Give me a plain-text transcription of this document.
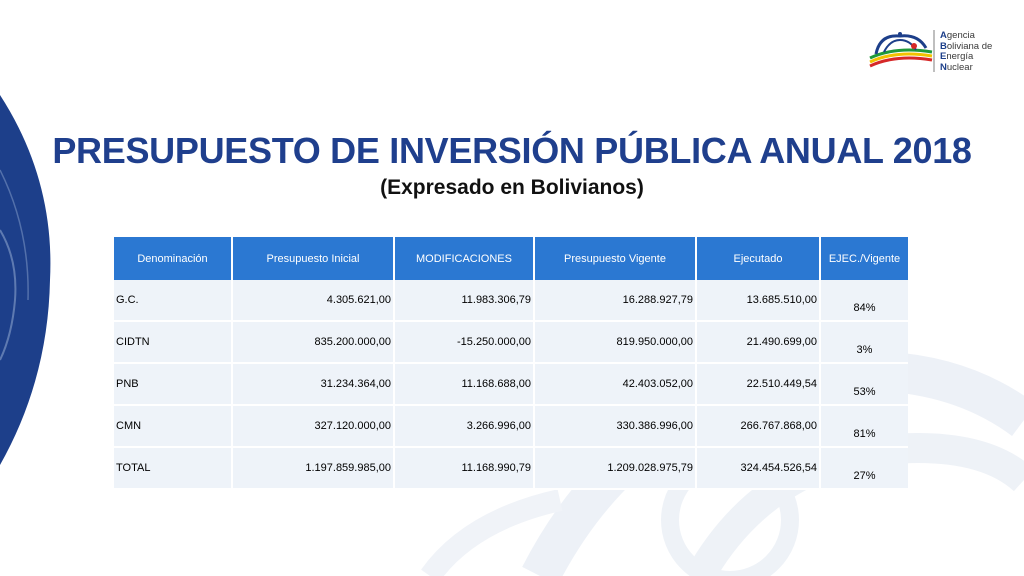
Agencia
Boliviana de
Energía
Nuclear
PRESUPUESTO DE INVERSIÓN PÚBLICA ANUAL 2018
(Expresado en Bolivianos)
Denominación	Presupuesto Inicial	MODIFICACIONES	Presupuesto Vigente	Ejecutado	EJEC./Vigente
G.C.	4.305.621,00	11.983.306,79	16.288.927,79	13.685.510,00	84%
CIDTN	835.200.000,00	-15.250.000,00	819.950.000,00	21.490.699,00	3%
PNB	31.234.364,00	11.168.688,00	42.403.052,00	22.510.449,54	53%
CMN	327.120.000,00	3.266.996,00	330.386.996,00	266.767.868,00	81%
TOTAL	1.197.859.985,00	11.168.990,79	1.209.028.975,79	324.454.526,54	27%
